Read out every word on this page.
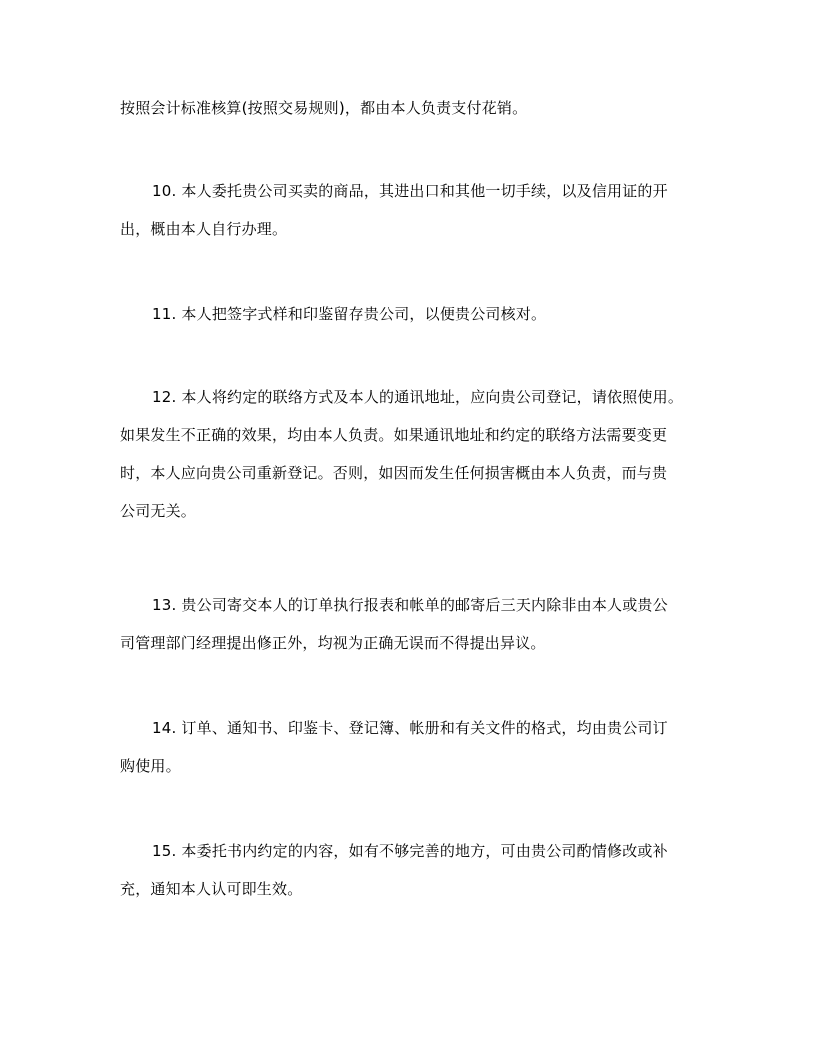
按照会计标准核算(按照交易规则)，都由本人负责支付花销。

10. 本人委托贵公司买卖的商品，其进出口和其他一切手续，以及信用证的开
出，概由本人自行办理。

11. 本人把签字式样和印鉴留存贵公司，以便贵公司核对。

12. 本人将约定的联络方式及本人的通讯地址，应向贵公司登记，请依照使用。
如果发生不正确的效果，均由本人负责。如果通讯地址和约定的联络方法需要变更
时，本人应向贵公司重新登记。否则，如因而发生任何损害概由本人负责，而与贵
公司无关。

13. 贵公司寄交本人的订单执行报表和帐单的邮寄后三天内除非由本人或贵公
司管理部门经理提出修正外，均视为正确无误而不得提出异议。

14. 订单、通知书、印鉴卡、登记簿、帐册和有关文件的格式，均由贵公司订
购使用。

15. 本委托书内约定的内容，如有不够完善的地方，可由贵公司酌情修改或补
充，通知本人认可即生效。
